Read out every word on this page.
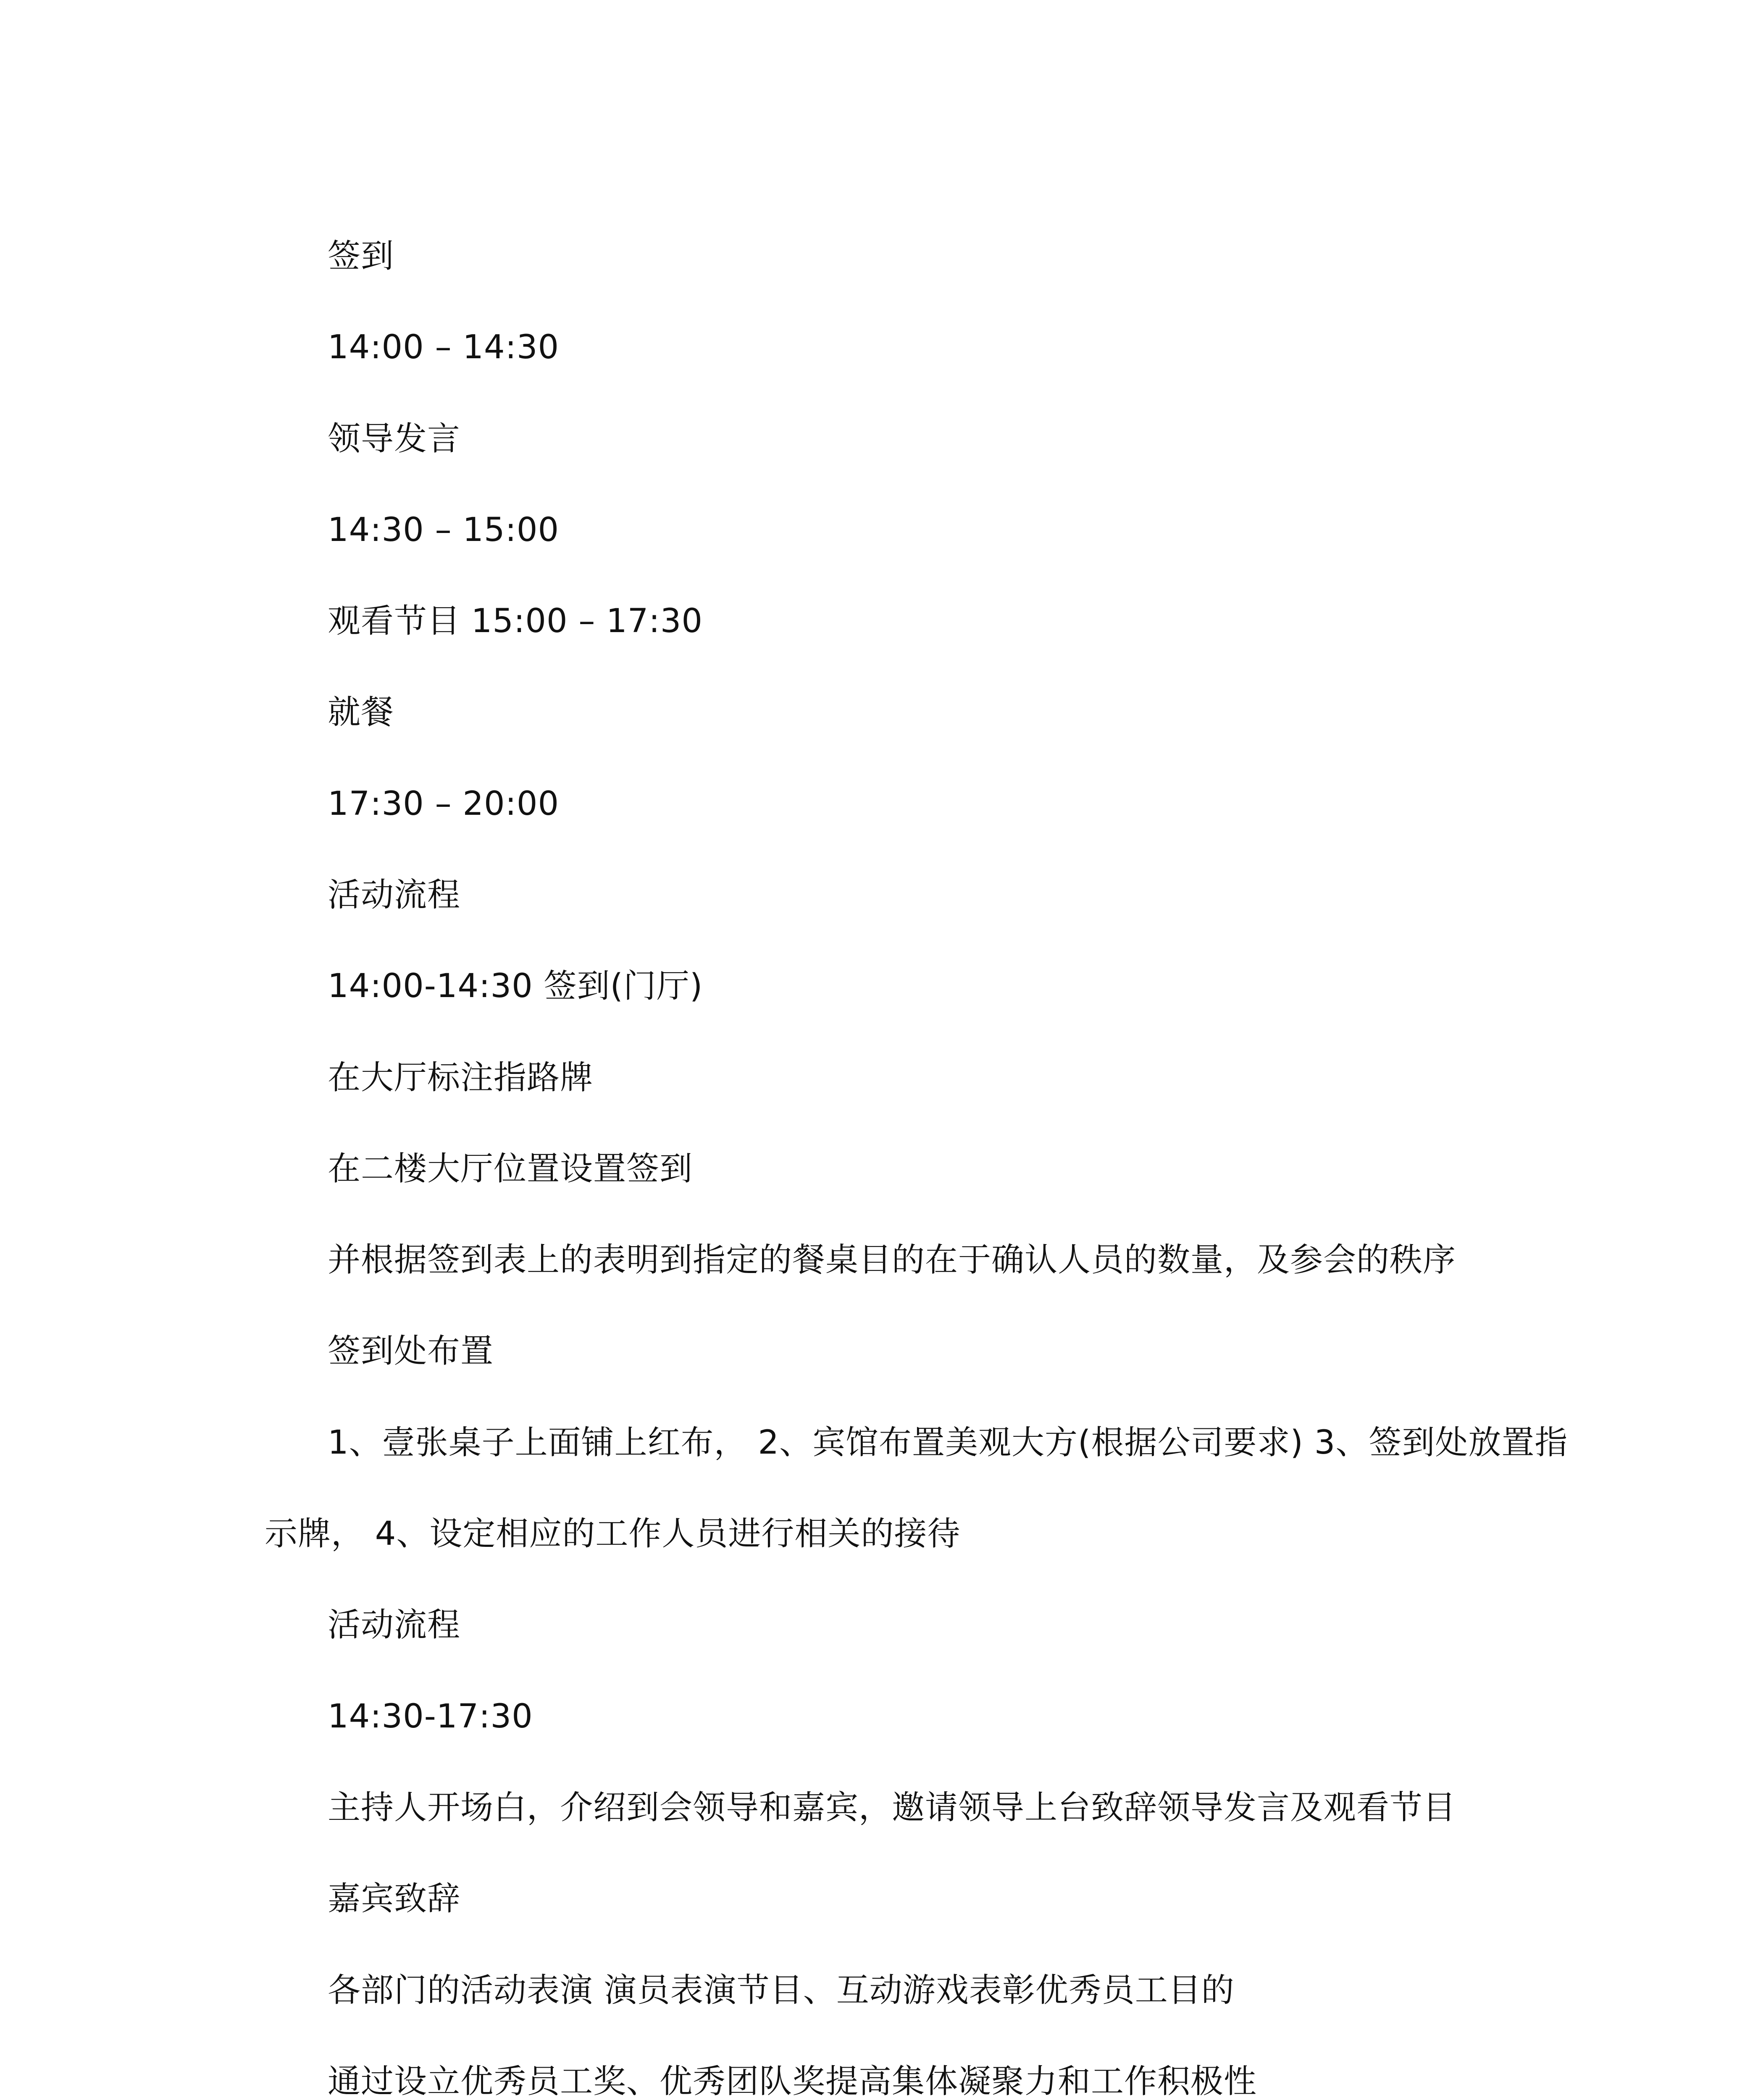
签到
14:00 – 14:30
领导发言
14:30 – 15:00
观看节目 15:00 – 17:30
就餐
17:30 – 20:00
活动流程
14:00-14:30 签到(门厅)
在大厅标注指路牌
在二楼大厅位置设置签到
并根据签到表上的表明到指定的餐桌目的在于确认人员的数量，及参会的秩序
签到处布置
1、壹张桌子上面铺上红布， 2、宾馆布置美观大方(根据公司要求) 3、签到处放置指
示牌， 4、设定相应的工作人员进行相关的接待
活动流程
14:30-17:30
主持人开场白，介绍到会领导和嘉宾，邀请领导上台致辞领导发言及观看节目
嘉宾致辞
各部门的活动表演 演员表演节目、互动游戏表彰优秀员工目的
通过设立优秀员工奖、优秀团队奖提高集体凝聚力和工作积极性
